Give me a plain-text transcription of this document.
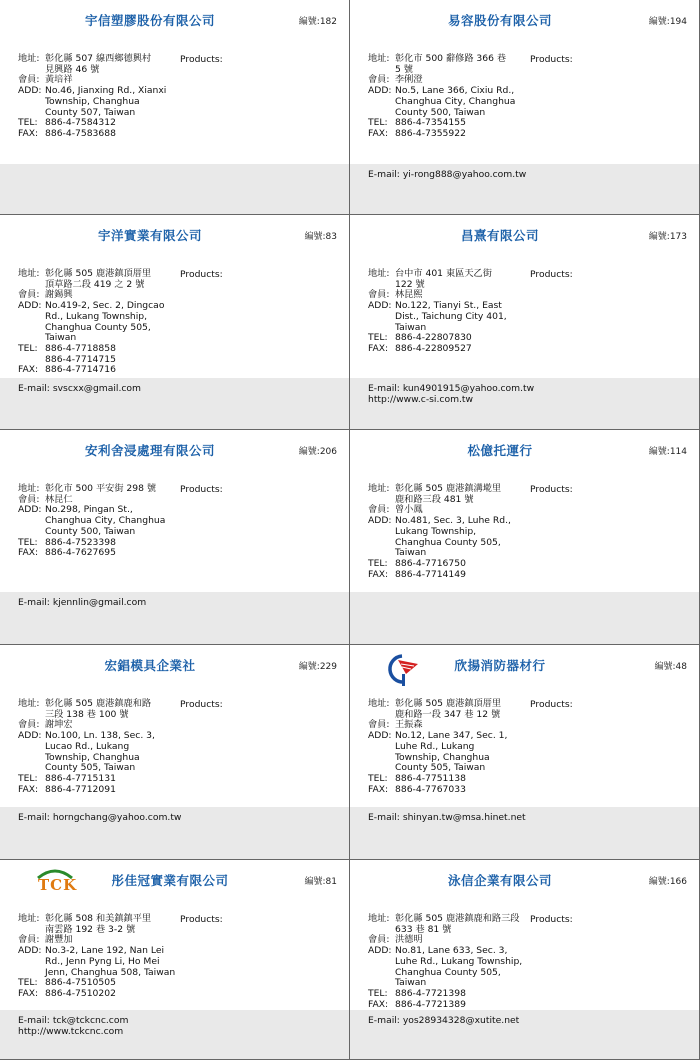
宇信塑膠股份有限公司	編號:182
地址: 彰化縣 507 線西鄉德興村
見興路 46 號
會員: 黃培祥
ADD: No.46, Jianxing Rd., Xianxi
Township, Changhua
County 507, Taiwan
TEL: 886-4-7584312
FAX: 886-4-7583688
Products:
易容股份有限公司	編號:194
地址: 彰化市 500 辭修路 366 巷
5 號
會員: 李俐澄
ADD: No.5, Lane 366, Cixiu Rd.,
Changhua City, Changhua
County 500, Taiwan
TEL: 886-4-7354155
FAX: 886-4-7355922
Products:
E-mail: yi-rong888@yahoo.com.tw
宇洋實業有限公司	編號:83
地址: 彰化縣 505 鹿港鎮頂厝里
頂草路二段 419 之 2 號
會員: 謝錫興
ADD: No.419-2, Sec. 2, Dingcao
Rd., Lukang Township,
Changhua County 505, Taiwan
TEL: 886-4-7718858
886-4-7714715
FAX: 886-4-7714716
Products:
E-mail: svscxx@gmail.com
昌熹有限公司	編號:173
地址: 台中市 401 東區天乙街
122 號
會員: 林昆熙
ADD: No.122, Tianyi St., East
Dist., Taichung City 401,
Taiwan
TEL: 886-4-22807830
FAX: 886-4-22809527
Products:
E-mail: kun4901915@yahoo.com.tw
http://www.c-si.com.tw
安利舍浸處理有限公司	編號:206
地址: 彰化市 500 平安街 298 號
會員: 林昆仁
ADD: No.298, Pingan St.,
Changhua City, Changhua
County 500, Taiwan
TEL: 886-4-7523398
FAX: 886-4-7627695
Products:
E-mail: kjennlin@gmail.com
松億托運行	編號:114
地址: 彰化縣 505 鹿港鎮溝墘里
鹿和路三段 481 號
會員: 曾小鳳
ADD: No.481, Sec. 3, Luhe Rd.,
Lukang Township,
Changhua County 505,
Taiwan
TEL: 886-4-7716750
FAX: 886-4-7714149
Products:
宏錩模具企業社	編號:229
地址: 彰化縣 505 鹿港鎮鹿和路
三段 138 巷 100 號
會員: 謝坤宏
ADD: No.100, Ln. 138, Sec. 3,
Lucao Rd., Lukang
Township, Changhua
County 505, Taiwan
TEL: 886-4-7715131
FAX: 886-4-7712091
Products:
E-mail: horngchang@yahoo.com.tw
欣揚消防器材行	編號:48
地址: 彰化縣 505 鹿港鎮頂厝里
鹿和路一段 347 巷 12 號
會員: 王振森
ADD: No.12, Lane 347, Sec. 1,
Luhe Rd., Lukang
Township, Changhua
County 505, Taiwan
TEL: 886-4-7751138
FAX: 886-4-7767033
Products:
E-mail: shinyan.tw@msa.hinet.net
彤佳冠實業有限公司	編號:81
地址: 彰化縣 508 和美鎮鎮平里
南雲路 192 巷 3-2 號
會員: 謝豐加
ADD: No.3-2, Lane 192, Nan Lei
Rd., Jenn Pyng Li, Ho Mei
Jenn, Changhua 508, Taiwan
TEL: 886-4-7510505
FAX: 886-4-7510202
Products:
E-mail: tck@tckcnc.com
http://www.tckcnc.com
TCK	泳信企業有限公司	編號:166
地址: 彰化縣 505 鹿港鎮鹿和路三段
633 巷 81 號
會員: 洪德明
ADD: No.81, Lane 633, Sec. 3,
Luhe Rd., Lukang Township,
Changhua County 505, Taiwan
TEL: 886-4-7721398
FAX: 886-4-7721389
Products:
E-mail: yos28934328@xutite.net
